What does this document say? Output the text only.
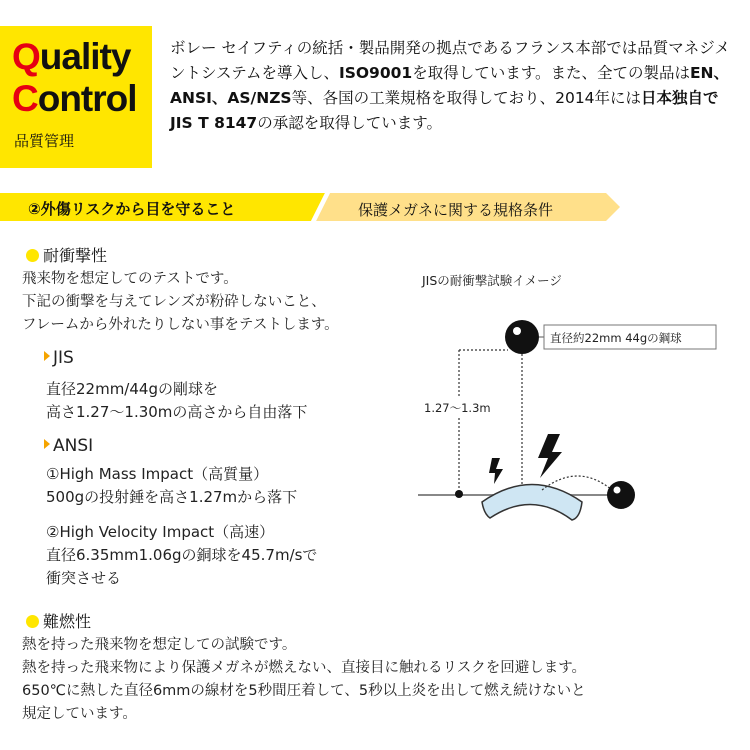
Quality
Control
品質管理
ボレー セイフティの統括・製品開発の拠点であるフランス本部では品質マネジメントシステムを導入し、ISO9001を取得しています。また、全ての製品はEN、ANSI、AS/NZS等、各国の工業規格を取得しており、2014年には日本独自で JIS T 8147の承認を取得しています。
②外傷リスクから目を守ること	保護メガネに関する規格条件
耐衝撃性
飛来物を想定してのテストです。
下記の衝撃を与えてレンズが粉砕しないこと、
フレームから外れたりしない事をテストします。
JIS
直径22mm/44gの剛球を
高さ1.27〜1.30mの高さから自由落下
ANSI
①High Mass Impact（高質量）
500gの投射錘を高さ1.27mから落下
②High Velocity Impact（高速）
直径6.35mm1.06gの銅球を45.7m/sで
衝突させる
JISの耐衝撃試験イメージ
1.27〜1.3m
直径約22mm 44gの鋼球
難燃性
熱を持った飛来物を想定しての試験です。
熱を持った飛来物により保護メガネが燃えない、直接目に触れるリスクを回避します。
650℃に熱した直径6mmの線材を5秒間圧着して、5秒以上炎を出して燃え続けないと
規定しています。
